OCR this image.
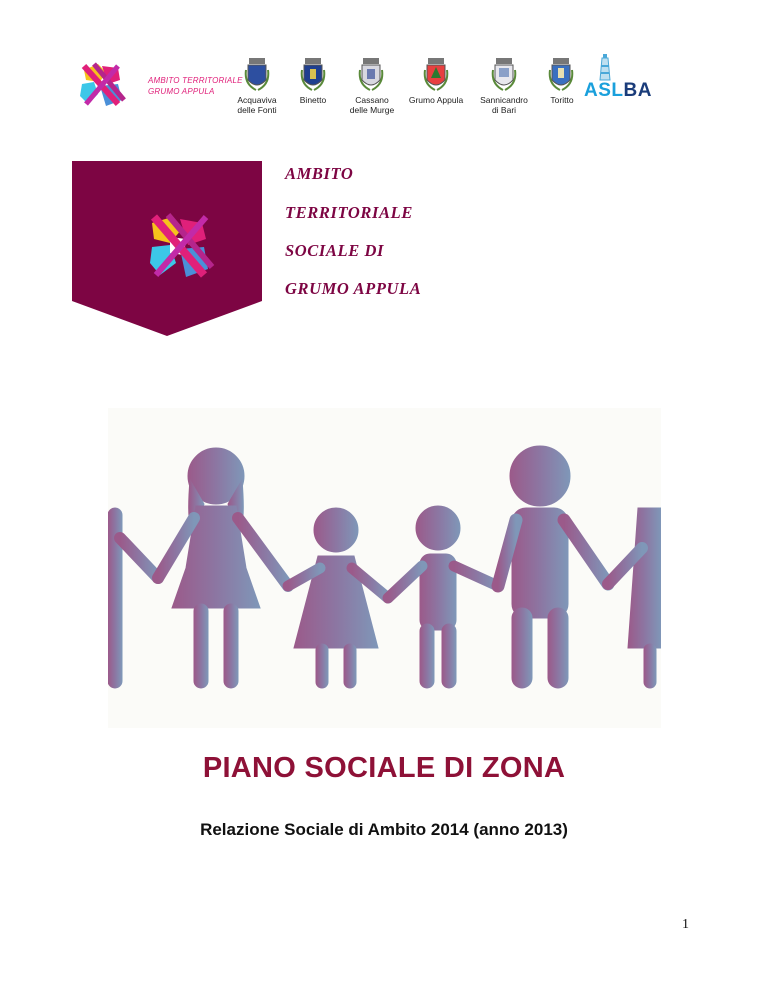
AMBITO TERRITORIALE
GRUMO APPULA
Acquaviva
delle Fonti
Binetto	Cassano
delle Murge
Grumo Appula	Sannicandro
di Bari
Toritto ASLBA
AMBITO
TERRITORIALE
SOCIALE DI
GRUMO APPULA
PIANO SOCIALE DI ZONA
Relazione Sociale di Ambito 2014 (anno 2013)
1
